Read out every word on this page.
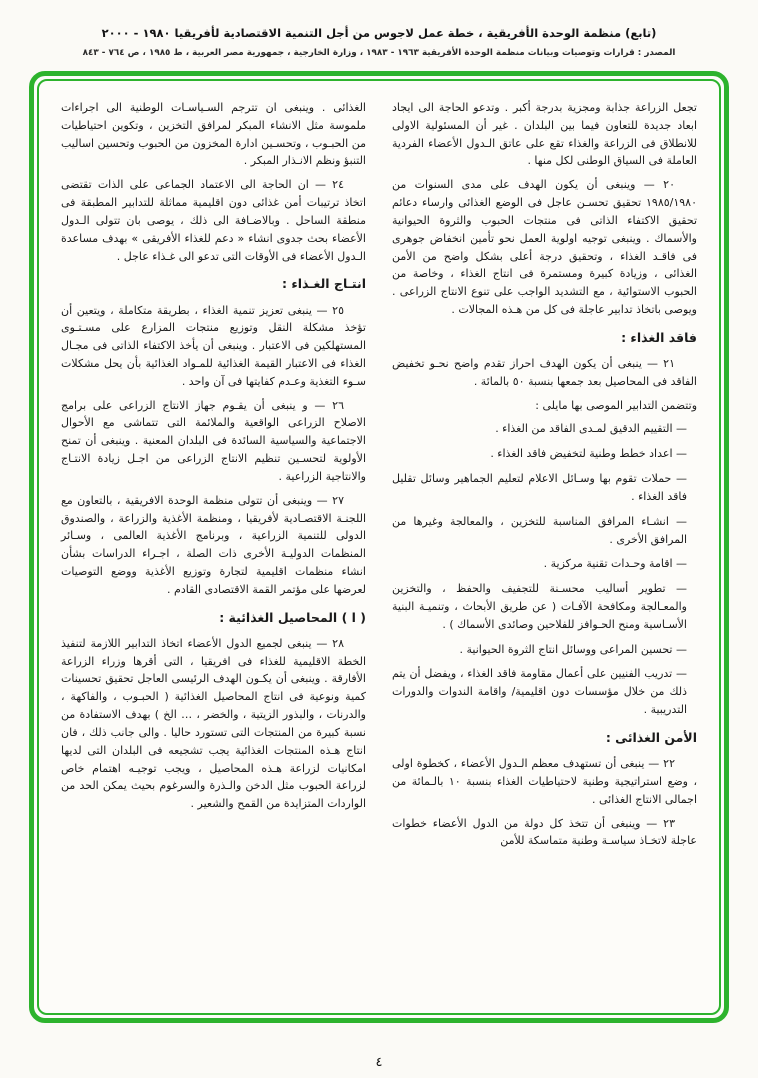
(تابع) منظمة الوحدة الأفريقية ، خطة عمل لاجوس من أجل التنمية الاقتصادية لأفريقيا ١٩٨٠ - ٢٠٠٠
المصدر : قرارات وتوصيات وبيانات منظمة الوحدة الأفريقية ١٩٦٣ - ١٩٨٣ ، وزارة الخارجية ، جمهورية مصر العربية ، ط ١٩٨٥ ، ص ٧٦٤ - ٨٤٣
تجعل الزراعة جذابة ومجزية بدرجة أكبر . وتدعو الحاجة الى ايجاد ابعاد جديدة للتعاون فيما بين البلدان . غير أن المسئولية الاولى للانطلاق فى الزراعة والغذاء تقع على عاتق الـدول الأعضاء الفردية العاملة فى السياق الوطنى لكل منها .
٢٠ — وينبغى أن يكون الهدف على مدى السنوات من ١٩٨٥/١٩٨٠ تحقيق تحسـن عاجل فى الوضع الغذائى وارساء دعائم تحقيق الاكتفاء الذاتى فى منتجات الحبوب والثروة الحيوانية والأسماك . وينبغى توجيه اولوية العمل نحو تأمين انخفاض جوهرى فى فاقـد الغذاء ، وتحقيق درجة أعلى بشكل واضح من الأمن الغذائى ، وزيادة كبيرة ومستمرة فى انتاج الغذاء ، وخاصة من الحبوب الاستوائية ، مع التشديد الواجب على تنوع الانتاج الزراعى . ويوصى باتخاذ تدابير عاجلة فى كل من هـذه المجالات .
فاقد الغذاء :
٢١ — ينبغى أن يكون الهدف احراز تقدم واضح نحـو تخفيض الفاقد فى المحاصيل بعد جمعها بنسبة ٥٠ بالمائة .
وتتضمن التدابير الموصى بها مايلى :
— التقييم الدقيق لمـدى الفاقد من الغذاء .
— اعداد خطط وطنية لتخفيض فاقد الغذاء .
— حملات تقوم بها وسـائل الاعلام لتعليم الجماهير وسائل تقليل فاقد الغذاء .
— انشـاء المرافق المناسبة للتخزين ، والمعالجة وغيرها من المرافق الأخرى .
— اقامة وحـدات تقنية مركزية .
— تطوير أساليب محسـنة للتجفيف والحفظ ، والتخزين والمعـالجة ومكافحة الآفـات ( عن طريق الأبحاث ، وتنميـة البنية الأسـاسية ومنح الحـوافز للفلاحين وصائدى الأسماك ) .
— تحسين المراعى ووسائل انتاج الثروة الحيوانية .
— تدريب الفنيين على أعمال مقاومة فاقد الغذاء ، ويفضل أن يتم ذلك من خلال مؤسسات دون اقليمية/ واقامة الندوات والدورات التدريبية .
الأمن الغذائى :
٢٢ — ينبغى أن تستهدف معظم الـدول الأعضاء ، كخطوة اولى ، وضع استراتيجية وطنية لاحتياطيات الغذاء بنسبة ١٠ بالـمائة من اجمالى الانتاج الغذائى .
٢٣ — وينبغى أن تتخذ كل دولة من الدول الأعضاء خطوات عاجلة لاتخـاذ سياسـة وطنية متماسكة للأمن
الغذائى . وينبغى ان تترجم السـياسـات الوطنية الى اجراءات ملموسة مثل الانشاء المبكر لمرافق التخزين ، وتكوين احتياطيات من الحبـوب ، وتحسـين ادارة المخزون من الحبوب وتحسين اساليب التنبؤ ونظم الانـذار المبكر .
٢٤ — ان الحاجة الى الاعتماد الجماعى على الذات تقتضى اتخاذ ترتيبات أمن غذائى دون اقليمية مماثلة للتدابير المطبقة فى منطقة الساحل . وبالاضـافة الى ذلك ، يوصى بان تتولى الـدول الأعضاء بحث جدوى انشاء « دعم للغذاء الأفريقى » بهدف مساعدة الـدول الأعضاء فى الأوقات التى تدعو الى غـذاء عاجل .
انتـاج الغـذاء :
٢٥ — ينبغى تعزيز تنمية الغذاء ، بطريقة متكاملة ، ويتعين أن تؤخذ مشكلة النقل وتوزيع منتجات المزارع على مسـتـوى المستهلكين فى الاعتبار . وينبغى أن يأخذ الاكتفاء الذاتى فى مجـال الغذاء فى الاعتبار القيمة الغذائية للمـواد الغذائية بأن يحل مشكلات سـوء التغذية وعـدم كفايتها فى آن واحد .
٢٦ — و ينبغى أن يقـوم جهاز الانتاج الزراعى على برامج الاصلاح الزراعى الواقعية والملائمة التى تتماشى مع الأحوال الاجتماعية والسياسية السائدة فى البلدان المعنية . وينبغى أن تمنح الأولوية لتحسـين تنظيم الانتاج الزراعى من اجـل زيادة الانتـاج والانتاجية الزراعية .
٢٧ — وينبغى أن تتولى منظمة الوحدة الافريقية ، بالتعاون مع اللجنـة الاقتصـادية لأفريقيا ، ومنظمة الأغذية والزراعة ، والصندوق الدولى للتنمية الزراعية ، وبرنامج الأغذية العالمى ، وسـائر المنظمات الدوليـة الأخرى ذات الصلة ، اجـراء الدراسات بشأن انشاء منظمات اقليمية لتجارة وتوزيع الأغذية ووضع التوصيات لعرضها على مؤتمر القمة الاقتصادى القادم .
( ا ) المحاصيل الغذائية :
٢٨ — ينبغى لجميع الدول الأعضاء اتخاذ التدابير اللازمة لتنفيذ الخطة الاقليمية للغذاء فى افريقيا ، التى أقرها وزراء الزراعة الأفارقة . وينبغى أن يكـون الهدف الرئيسى العاجل تحقيق تحسينات كمية ونوعية فى انتاج المحاصيل الغذائية ( الحبـوب ، والفاكهة ، والدرنات ، والبذور الزيتية ، والخضر ، … الخ ) بهدف الاستفادة من نسبة كبيرة من المنتجات التى تستورد حاليا . والى جانب ذلك ، فان انتاج هـذه المنتجات الغذائية يجب تشجيعه فى البلدان التى لديها امكانيات لزراعة هـذه المحاصيل ، ويجب توجيـه اهتمام خاص لزراعة الحبوب مثل الدخن والـذرة والسرغوم بحيث يمكن الحد من الواردات المتزايدة من القمح والشعير .
٤
